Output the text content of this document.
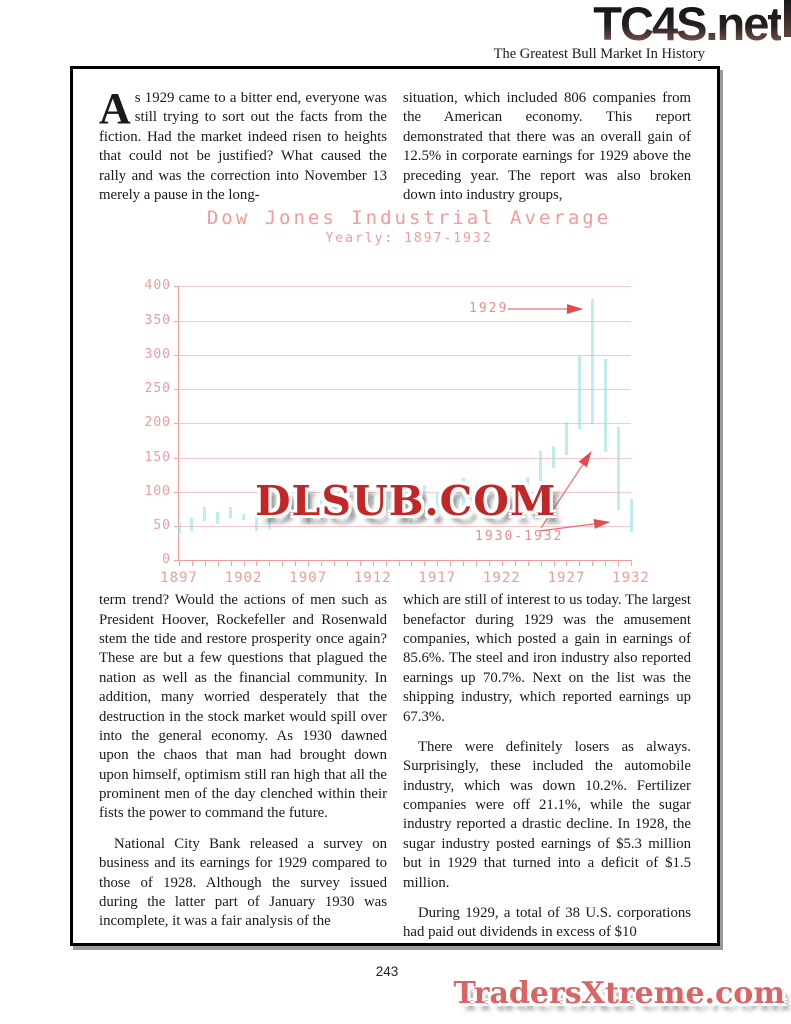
TC4S.net
The Greatest Bull Market In History

As 1929 came to a bitter end, everyone was still trying to sort out the facts from the fiction. Had the market indeed risen to heights that could not be justified? What caused the rally and was the correction into November 13 merely a pause in the long-

situation, which included 806 companies from the American economy. This report demonstrated that there was an overall gain of 12.5% in corporate earnings for 1929 above the preceding year. The report was also broken down into industry groups,

Dow Jones Industrial Average
Yearly: 1897-1932
1929
1930-1932
DLSUB.COM
0
50
100
150
200
250
300
350
400
1897 1902 1907 1912 1917 1922 1927 1932

term trend? Would the actions of men such as President Hoover, Rockefeller and Rosenwald stem the tide and restore prosperity once again? These are but a few questions that plagued the nation as well as the financial community. In addition, many worried desperately that the destruction in the stock market would spill over into the general economy. As 1930 dawned upon the chaos that man had brought down upon himself, optimism still ran high that all the prominent men of the day clenched within their fists the power to command the future.

National City Bank released a survey on business and its earnings for 1929 compared to those of 1928. Although the survey issued during the latter part of January 1930 was incomplete, it was a fair analysis of the

which are still of interest to us today. The largest benefactor during 1929 was the amusement companies, which posted a gain in earnings of 85.6%. The steel and iron industry also reported earnings up 70.7%. Next on the list was the shipping industry, which reported earnings up 67.3%.

There were definitely losers as always. Surprisingly, these included the automobile industry, which was down 10.2%. Fertilizer companies were off 21.1%, while the sugar industry reported a drastic decline. In 1928, the sugar industry posted earnings of $5.3 million but in 1929 that turned into a deficit of $1.5 million.

During 1929, a total of 38 U.S. corporations had paid out dividends in excess of $10

243
TradersXtreme.com
